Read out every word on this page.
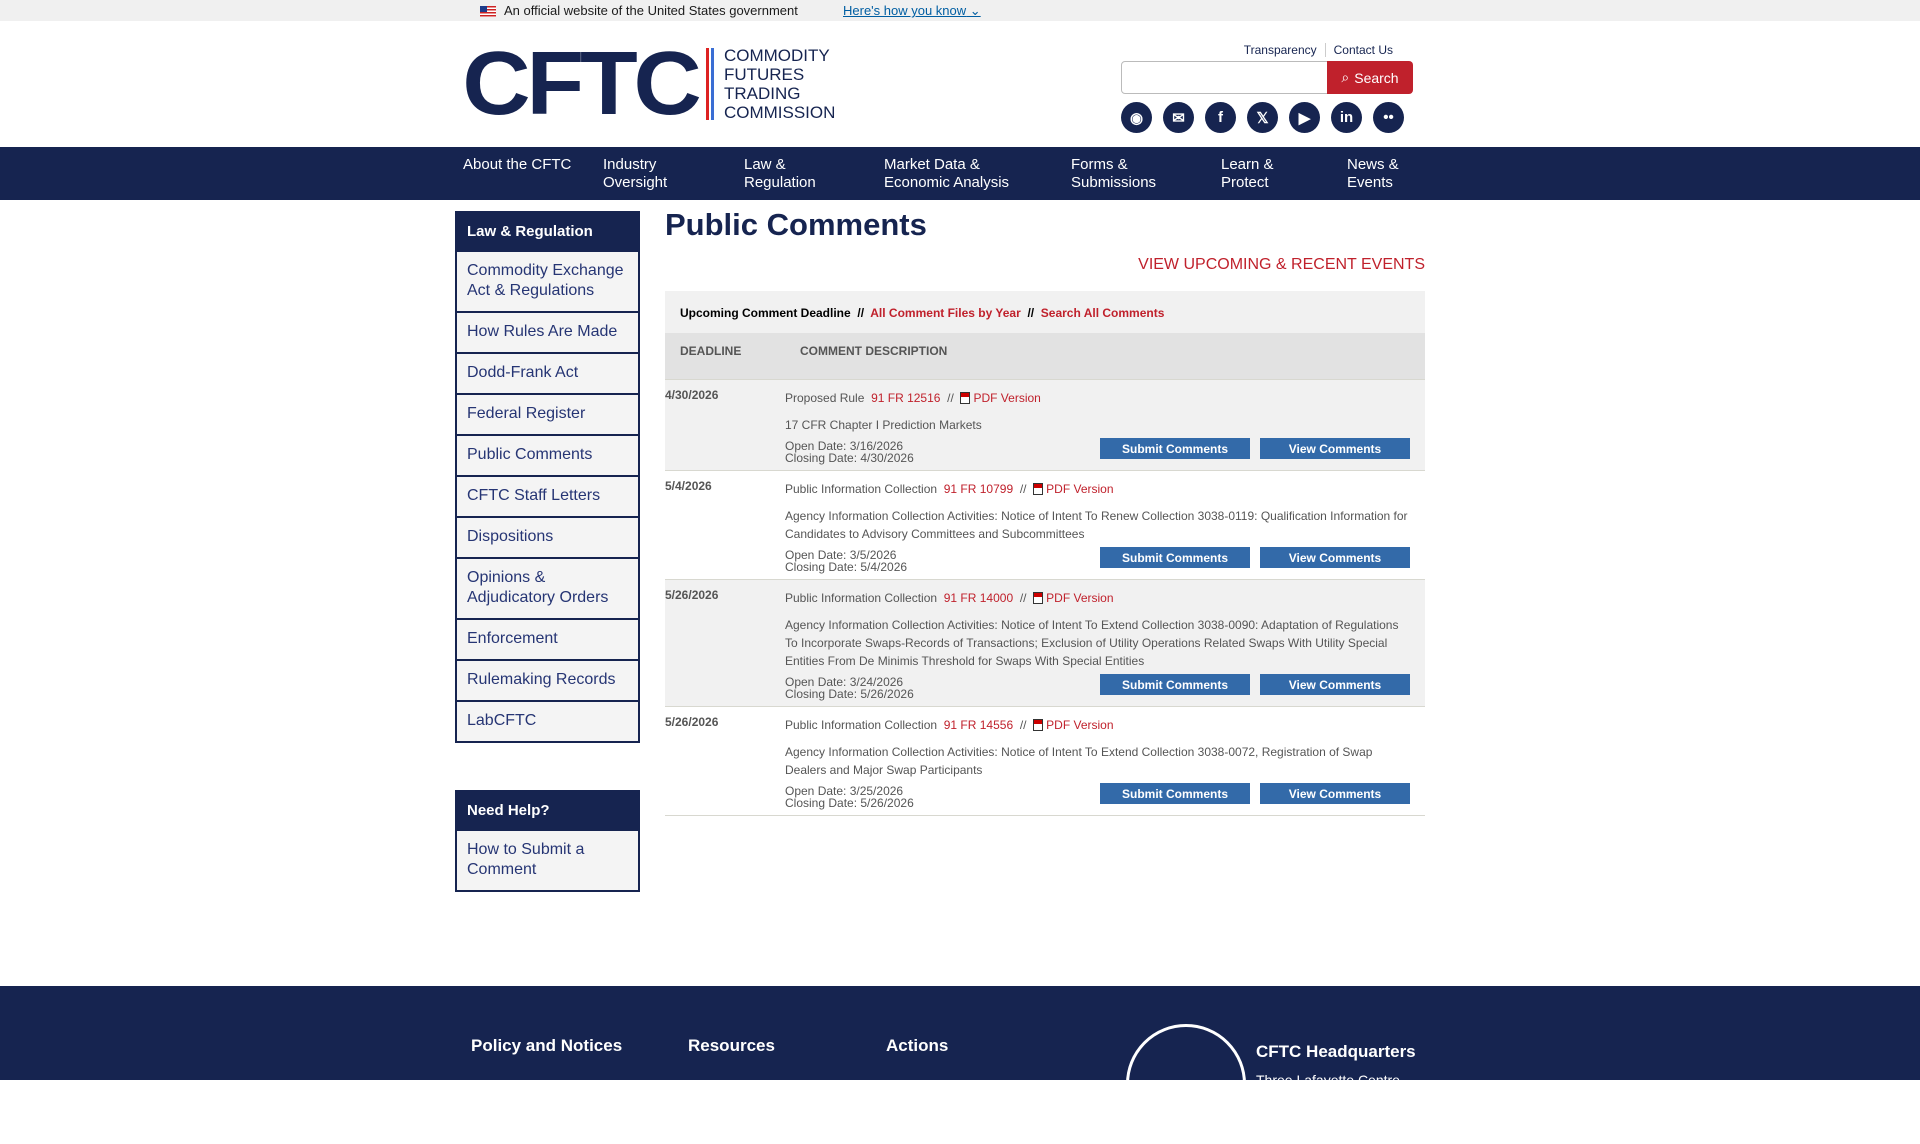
An official website of the United States government	Here's how you know ⌄
CFTC COMMODITY
FUTURES
TRADING
COMMISSION
Transparency Contact Us
⌕ Search
◉	✉	f	𝕏	▶	in	••
About the CFTC Industry Oversight
Law & Regulation
Market Data & Economic Analysis
Forms & Submissions
Learn & Protect
News & Events
Law & Regulation
Commodity Exchange Act & Regulations
How Rules Are Made
Dodd-Frank Act
Federal Register
Public Comments
CFTC Staff Letters
Dispositions
Opinions & Adjudicatory Orders
Enforcement
Rulemaking Records
LabCFTC
Need Help?
How to Submit a Comment
Public Comments
VIEW UPCOMING & RECENT EVENTS
Upcoming Comment Deadline // All Comment Files by Year // Search All Comments
DEADLINE	COMMENT DESCRIPTION
4/30/2026	Proposed Rule 91 FR 12516 // PDF Version
17 CFR Chapter I Prediction Markets
Open Date: 3/16/2026
Closing Date: 4/30/2026
Submit Comments	View Comments
5/4/2026	Public Information Collection 91 FR 10799 // PDF Version
Agency Information Collection Activities: Notice of Intent To Renew Collection 3038-0119: Qualification Information for Candidates to Advisory Committees and Subcommittees
Open Date: 3/5/2026
Closing Date: 5/4/2026
Submit Comments	View Comments
5/26/2026	Public Information Collection 91 FR 14000 // PDF Version
Agency Information Collection Activities: Notice of Intent To Extend Collection 3038-0090: Adaptation of Regulations To Incorporate Swaps-Records of Transactions; Exclusion of Utility Operations Related Swaps With Utility Special Entities From De Minimis Threshold for Swaps With Special Entities
Open Date: 3/24/2026
Closing Date: 5/26/2026
Submit Comments	View Comments
5/26/2026	Public Information Collection 91 FR 14556 // PDF Version
Agency Information Collection Activities: Notice of Intent To Extend Collection 3038-0072, Registration of Swap Dealers and Major Swap Participants
Open Date: 3/25/2026
Closing Date: 5/26/2026
Submit Comments	View Comments
Policy and Notices	Resources	Actions	CFTC Headquarters
Three Lafayette Centre
